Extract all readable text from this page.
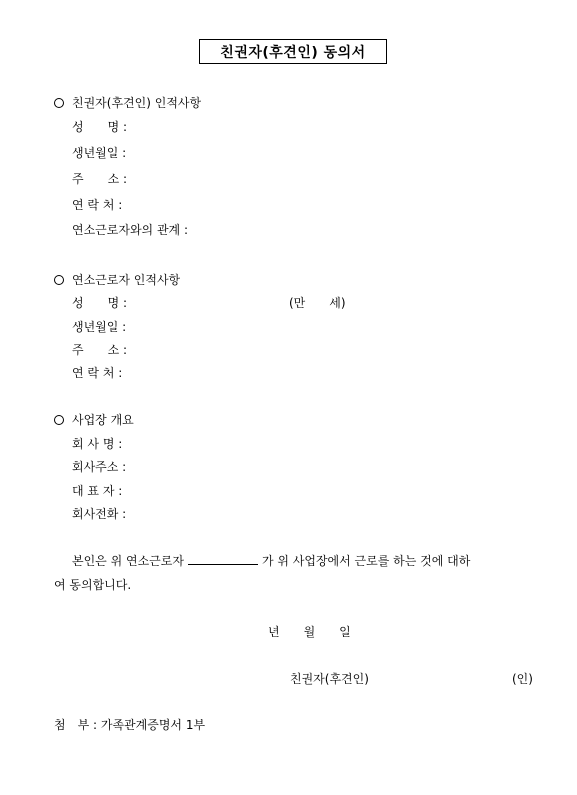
친권자(후견인) 동의서
친권자(후견인) 인적사항
성　　명 :
생년월일 :
주　　소 :
연 락 처 :
연소근로자와의 관계 :
연소근로자 인적사항
성　　명 :	(만　　세)
생년월일 :
주　　소 :
연 락 처 :
사업장 개요
회 사 명 :
회사주소 :
대 표 자 :
회사전화 :
본인은 위 연소근로자	가 위 사업장에서 근로를 하는 것에 대하
여 동의합니다.
년　　월　　일
친권자(후견인)	(인)
첨　부 : 가족관계증명서 1부
